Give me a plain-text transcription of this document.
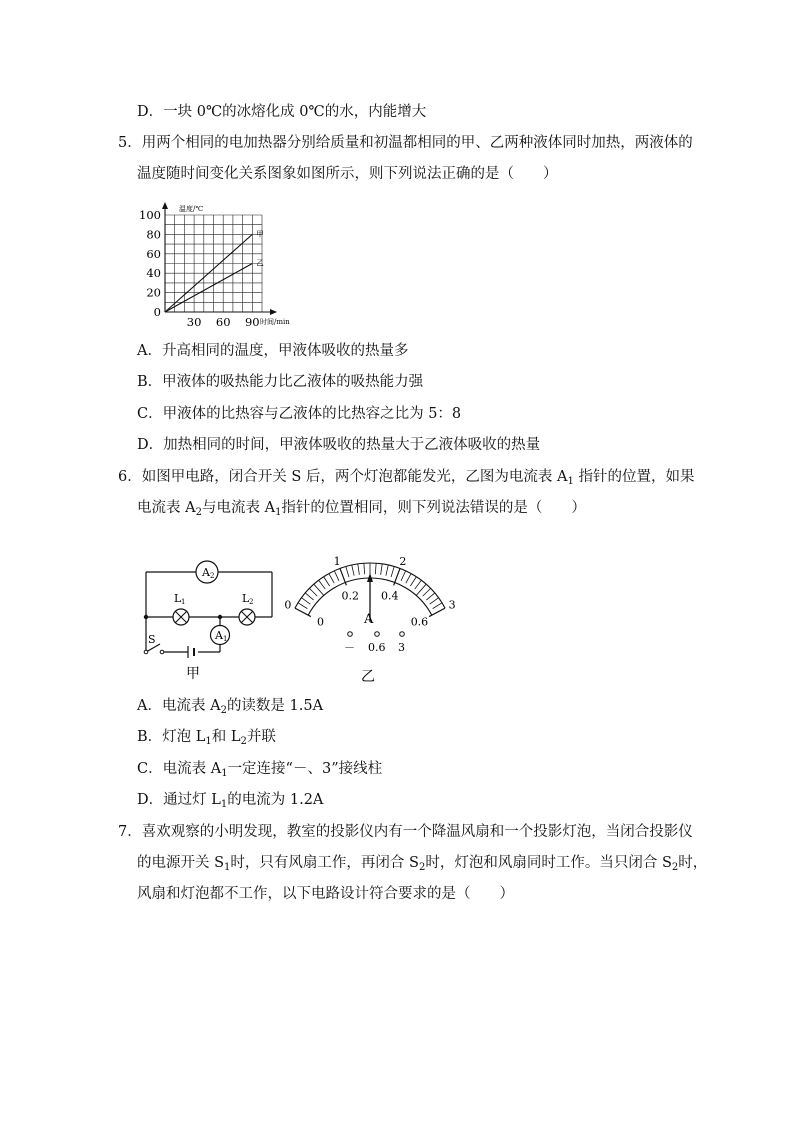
D．一块 0℃的冰熔化成 0℃的水，内能增大
5．用两个相同的电加热器分别给质量和初温都相同的甲、乙两种液体同时加热，两液体的
温度随时间变化关系图象如图所示，则下列说法正确的是（　　）
甲
乙
0
20
40
60
80
100
30 60 90
温度/℃
时间/min
A．升高相同的温度，甲液体吸收的热量多
B．甲液体的吸热能力比乙液体的吸热能力强
C．甲液体的比热容与乙液体的比热容之比为 5：8
D．加热相同的时间，甲液体吸收的热量大于乙液体吸收的热量
6．如图甲电路，闭合开关 S 后，两个灯泡都能发光，乙图为电流表 $A_1$ 指针的位置，如果
电流表 $A_2$与电流表 $A_1$指针的位置相同，则下列说法错误的是（　　）
A 2
L 1	L 2
A 1
S
甲
0
1	2
3
0
0.2 0.4
0.6
A
－ 0.6 3
乙
A．电流表 $A_2$的读数是 1.5A
B．灯泡 $L_1$和 $L_2$并联
C．电流表 $A_1$一定连接“－、3”接线柱
D．通过灯 $L_1$的电流为 1.2A
7．喜欢观察的小明发现，教室的投影仪内有一个降温风扇和一个投影灯泡，当闭合投影仪
的电源开关 $S_1$时，只有风扇工作，再闭合 $S_2$时，灯泡和风扇同时工作。当只闭合 $S_2$时，
风扇和灯泡都不工作，以下电路设计符合要求的是（　　）
